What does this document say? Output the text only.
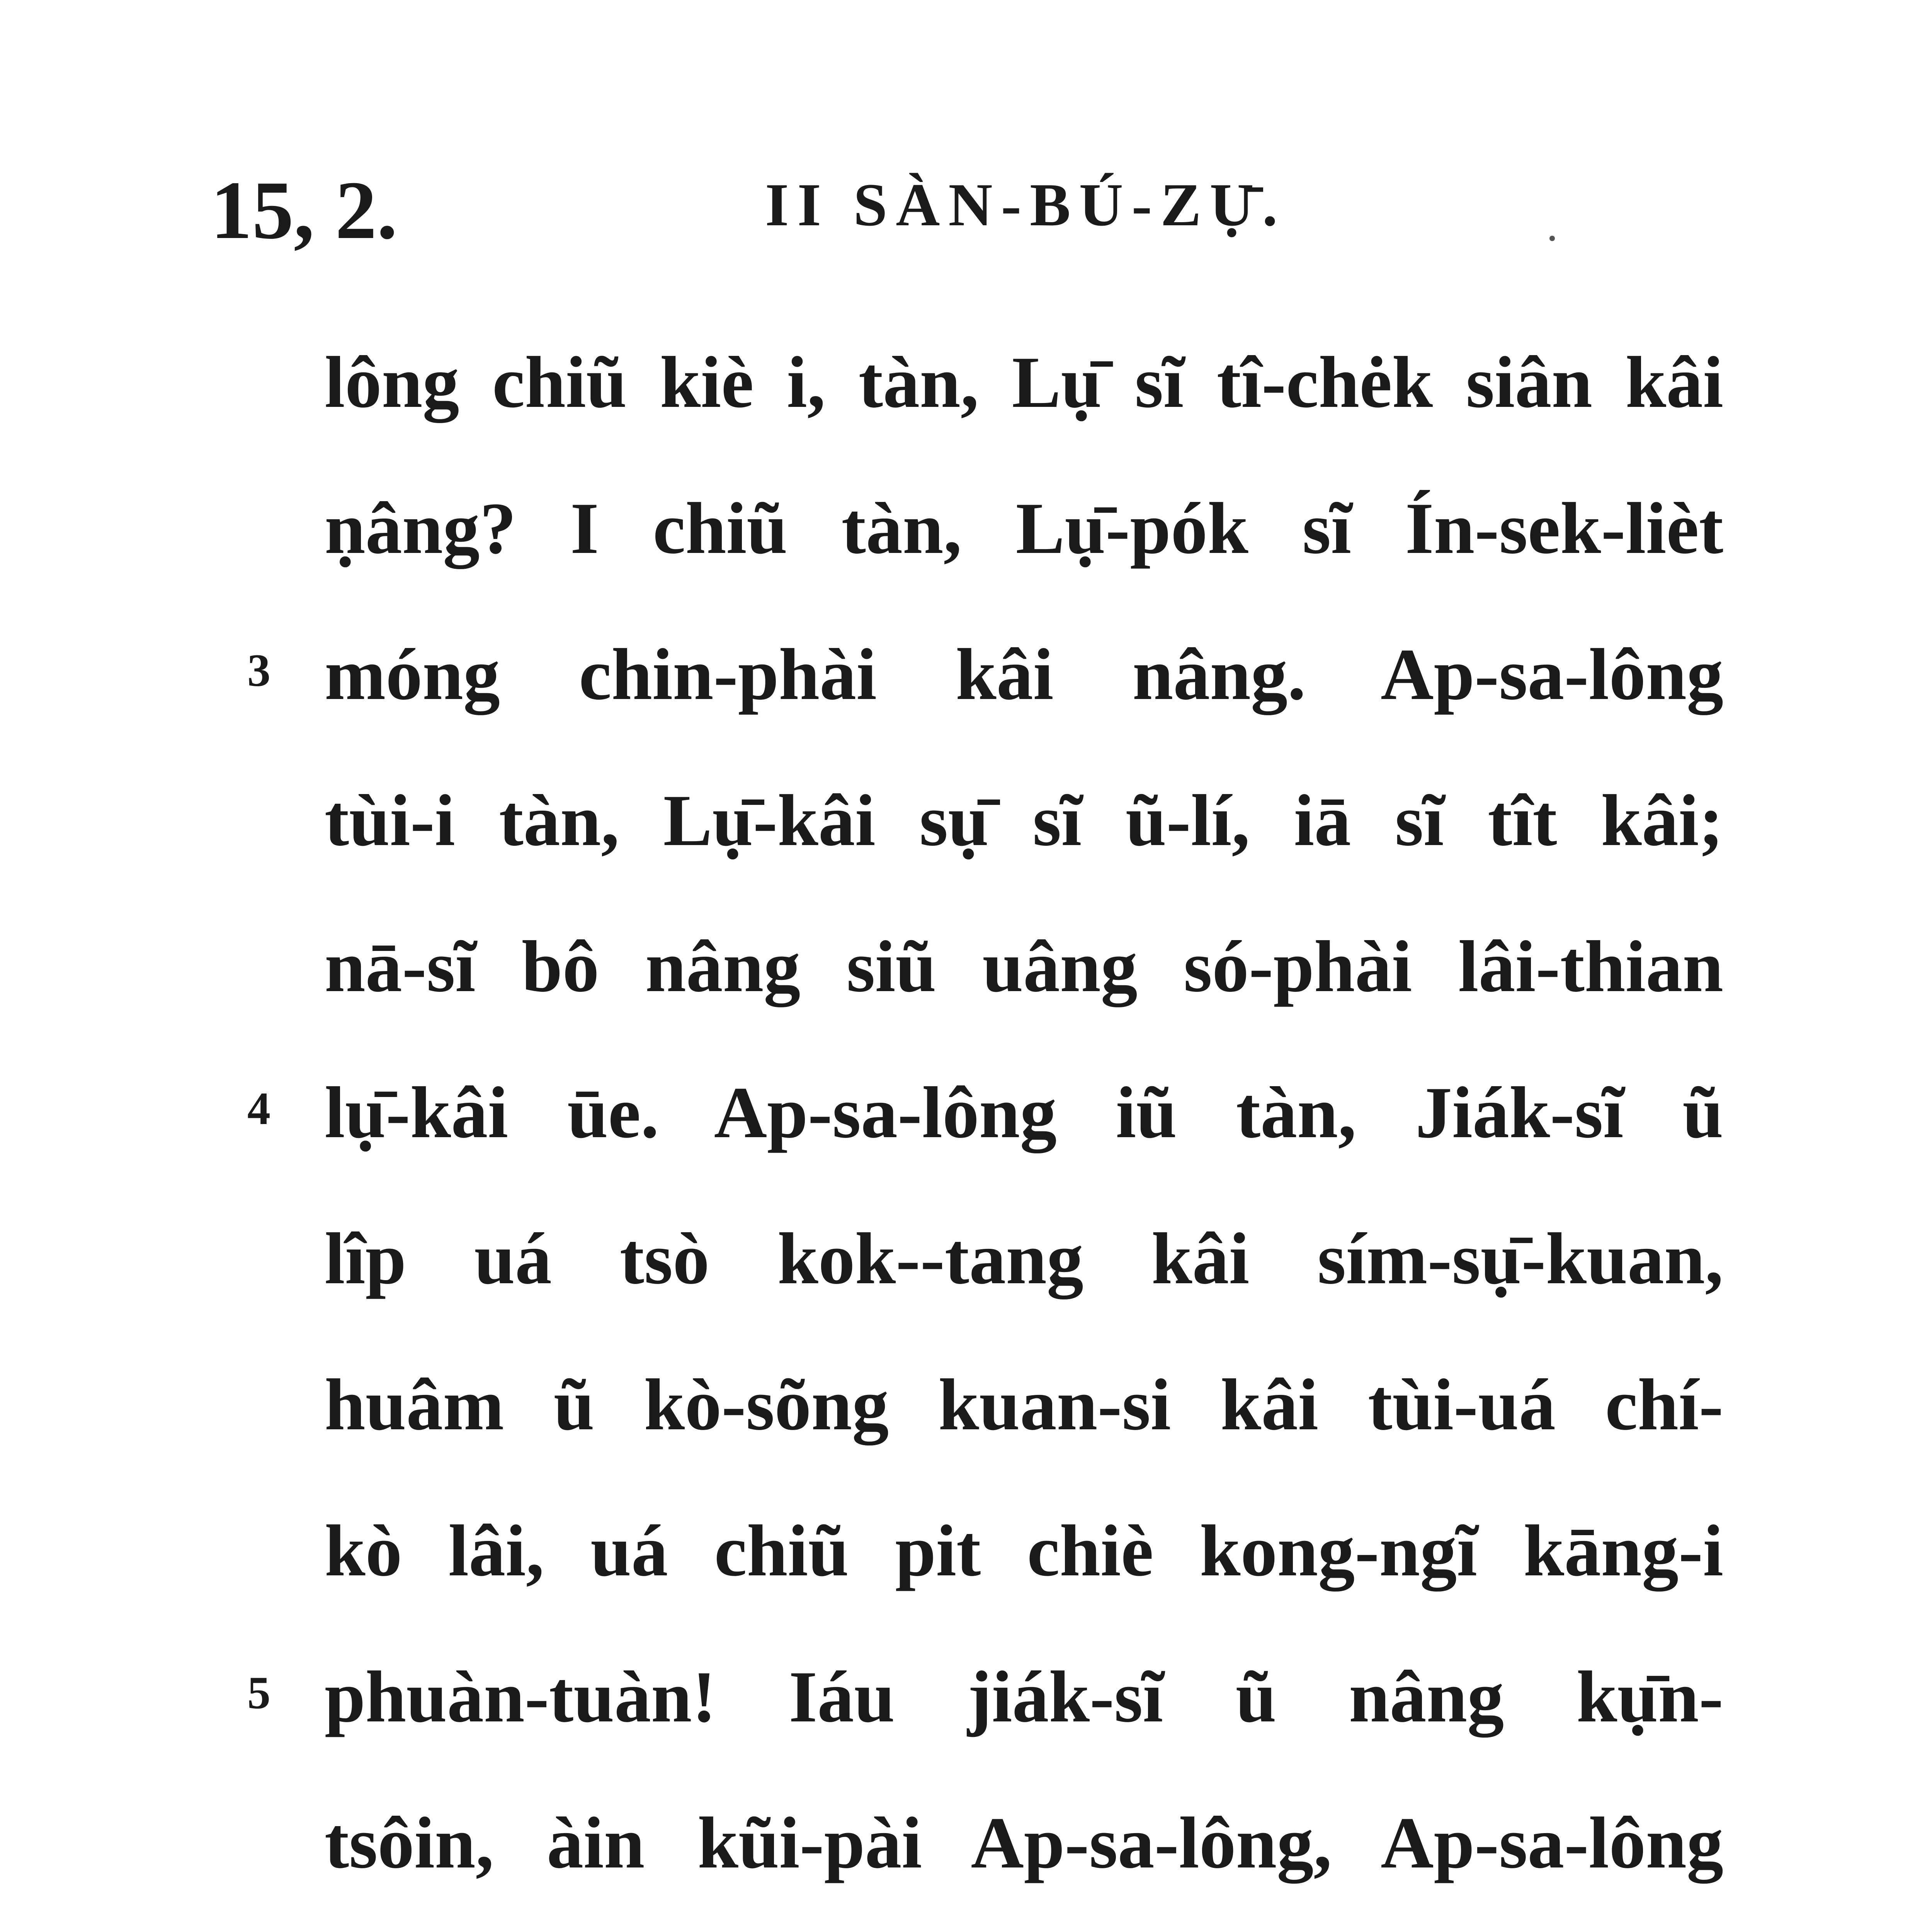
15, 2.	II SÀN-BÚ-ZỤ̄.
lông chiũ kiè i, tàn, Lụ̄ sĩ tî-chėk siân kâi
ṇâng? I chiũ tàn, Lụ̄-pók sĩ Ín-sek-lièt
3 móng chin-phài kâi nâng. Ap-sa-lông
tùi-i tàn, Lụ̄-kâi sụ̄ sĩ ũ-lí, iā sĩ tît kâi;
nā-sĩ bô nâng siũ uâng só-phài lâi-thian
4 lụ̄-kâi ūe. Ap-sa-lông iũ tàn, Jiák-sĩ ũ
lîp uá tsò kok--tang kâi sím-sụ̄-kuan,
huâm ũ kò-sõng kuan-si kâi tùi-uá chí-
kò lâi, uá chiũ pit chiè kong-ngĩ kāng-i
5 phuàn-tuàn! Iáu jiák-sĩ ũ nâng kụ̄n-
tsôin, àin kũi-pài Ap-sa-lông, Ap-sa-lông
